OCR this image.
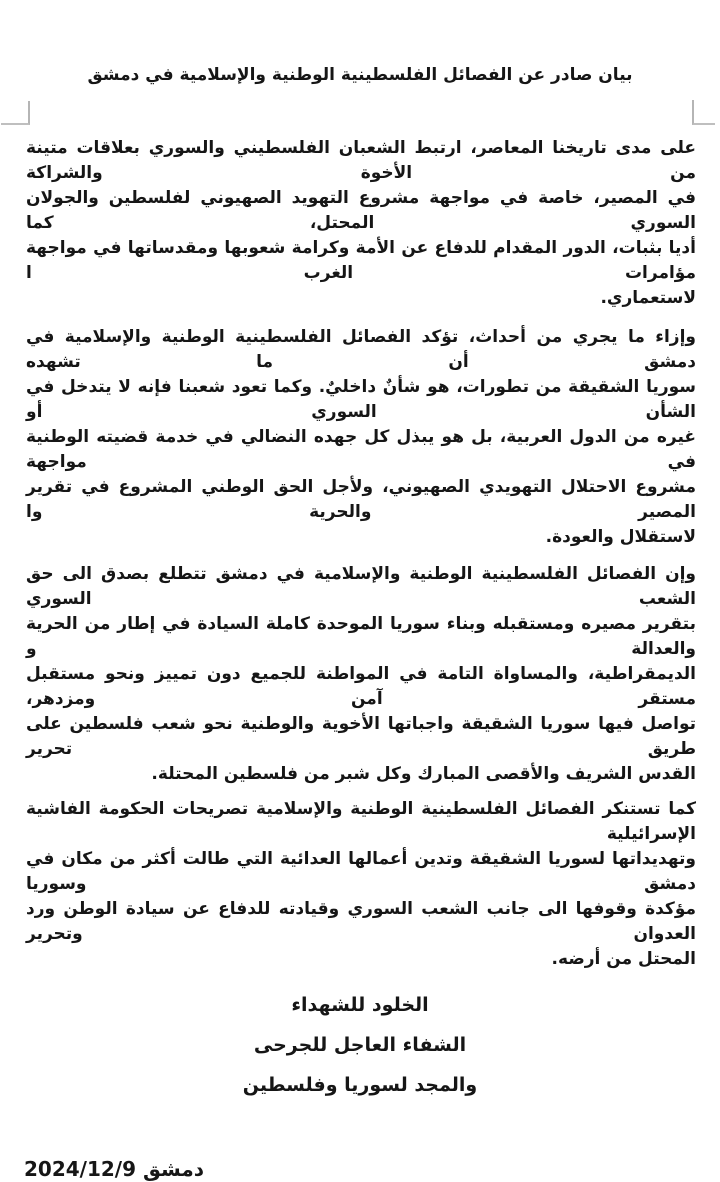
بيان صادر عن الفصائل الفلسطينية الوطنية والإسلامية في دمشق
على مدى تاريخنا المعاصر، ارتبط الشعبان الفلسطيني والسوري بعلاقات متينة من الأخوة والشراكة
في المصير، خاصة في مواجهة مشروع التهويد الصهيوني لفلسطين والجولان السوري المحتل، كما
أديا بثبات، الدور المقدام للدفاع عن الأمة وكرامة شعوبها ومقدساتها في مواجهة مؤامرات الغرب ا
لاستعماري.
وإزاء ما يجري من أحداث، تؤكد الفصائل الفلسطينية الوطنية والإسلامية في دمشق أن ما تشهده
سوريا الشقيقة من تطورات، هو شأنٌ داخليٌ. وكما تعود شعبنا فإنه لا يتدخل في الشأن السوري أو
غيره من الدول العربية، بل هو يبذل كل جهده النضالي في خدمة قضيته الوطنية في مواجهة
مشروع الاحتلال التهويدي الصهيوني، ولأجل الحق الوطني المشروع في تقرير المصير والحرية وا
لاستقلال والعودة.
وإن الفصائل الفلسطينية الوطنية والإسلامية في دمشق تتطلع بصدق الى حق الشعب السوري
بتقرير مصيره ومستقبله وبناء سوريا الموحدة كاملة السيادة في إطار من الحرية والعدالة و
الديمقراطية، والمساواة التامة في المواطنة للجميع دون تمييز ونحو مستقبل مستقر آمن ومزدهر،
تواصل فيها سوريا الشقيقة واجباتها الأخوية والوطنية نحو شعب فلسطين على طريق تحرير
القدس الشريف والأقصى المبارك وكل شبر من فلسطين المحتلة.
كما تستنكر الفصائل الفلسطينية الوطنية والإسلامية تصريحات الحكومة الفاشية الإسرائيلية
وتهديداتها لسوريا الشقيقة وتدين أعمالها العدائية التي طالت أكثر من مكان في دمشق وسوريا
مؤكدة وقوفها الى جانب الشعب السوري وقيادته للدفاع عن سيادة الوطن ورد العدوان وتحرير
المحتل من أرضه.
الخلود للشهداء
الشفاء العاجل للجرحى
والمجد لسوريا وفلسطين
دمشق 2024/12/9
